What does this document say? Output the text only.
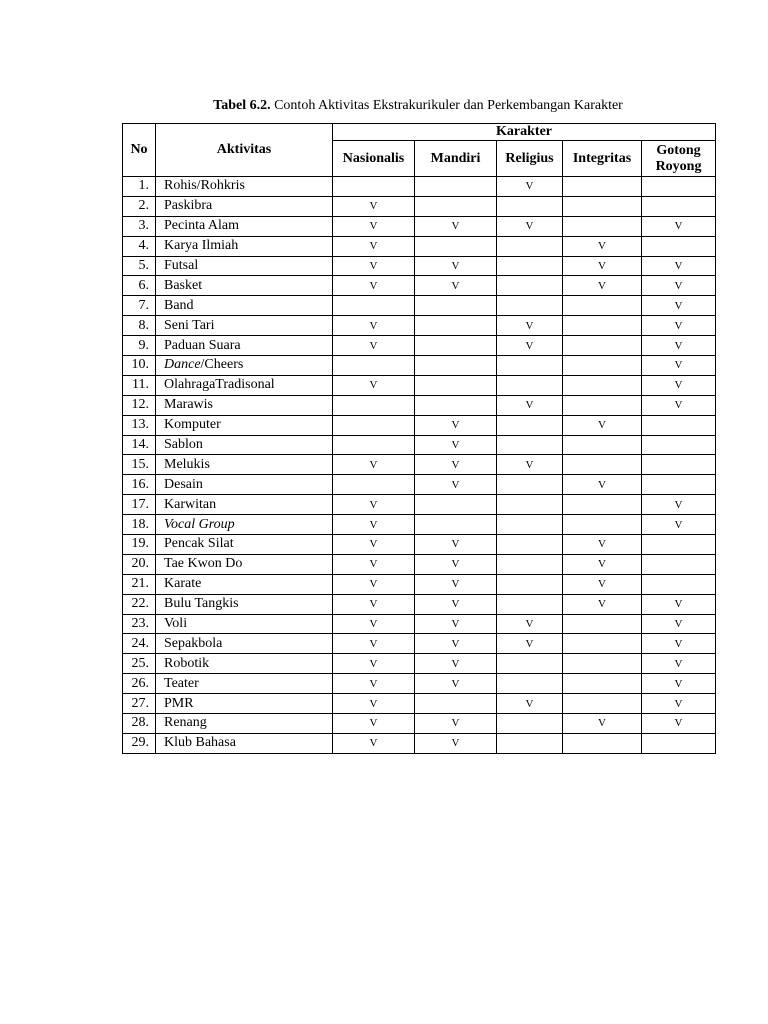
Tabel 6.2. Contoh Aktivitas Ekstrakurikuler dan Perkembangan Karakter
No	Aktivitas	Karakter				
		Nasionalis	Mandiri	Religius	Integritas	Gotong
Royong
1.	Rohis/Rohkris			V		
2.	Paskibra	V				
3.	Pecinta Alam	V	V	V		V
4.	Karya Ilmiah	V			V	
5.	Futsal	V	V		V	V
6.	Basket	V	V		V	V
7.	Band					V
8.	Seni Tari	V		V		V
9.	Paduan Suara	V		V		V
10.	Dance/Cheers					V
11.	OlahragaTradisonal	V				V
12.	Marawis			V		V
13.	Komputer		V		V	
14.	Sablon		V			
15.	Melukis	V	V	V		
16.	Desain		V		V	
17.	Karwitan	V				V
18.	Vocal Group	V				V
19.	Pencak Silat	V	V		V	
20.	Tae Kwon Do	V	V		V	
21.	Karate	V	V		V	
22.	Bulu Tangkis	V	V		V	V
23.	Voli	V	V	V		V
24.	Sepakbola	V	V	V		V
25.	Robotik	V	V			V
26.	Teater	V	V			V
27.	PMR	V		V		V
28.	Renang	V	V		V	V
29.	Klub Bahasa	V	V			
